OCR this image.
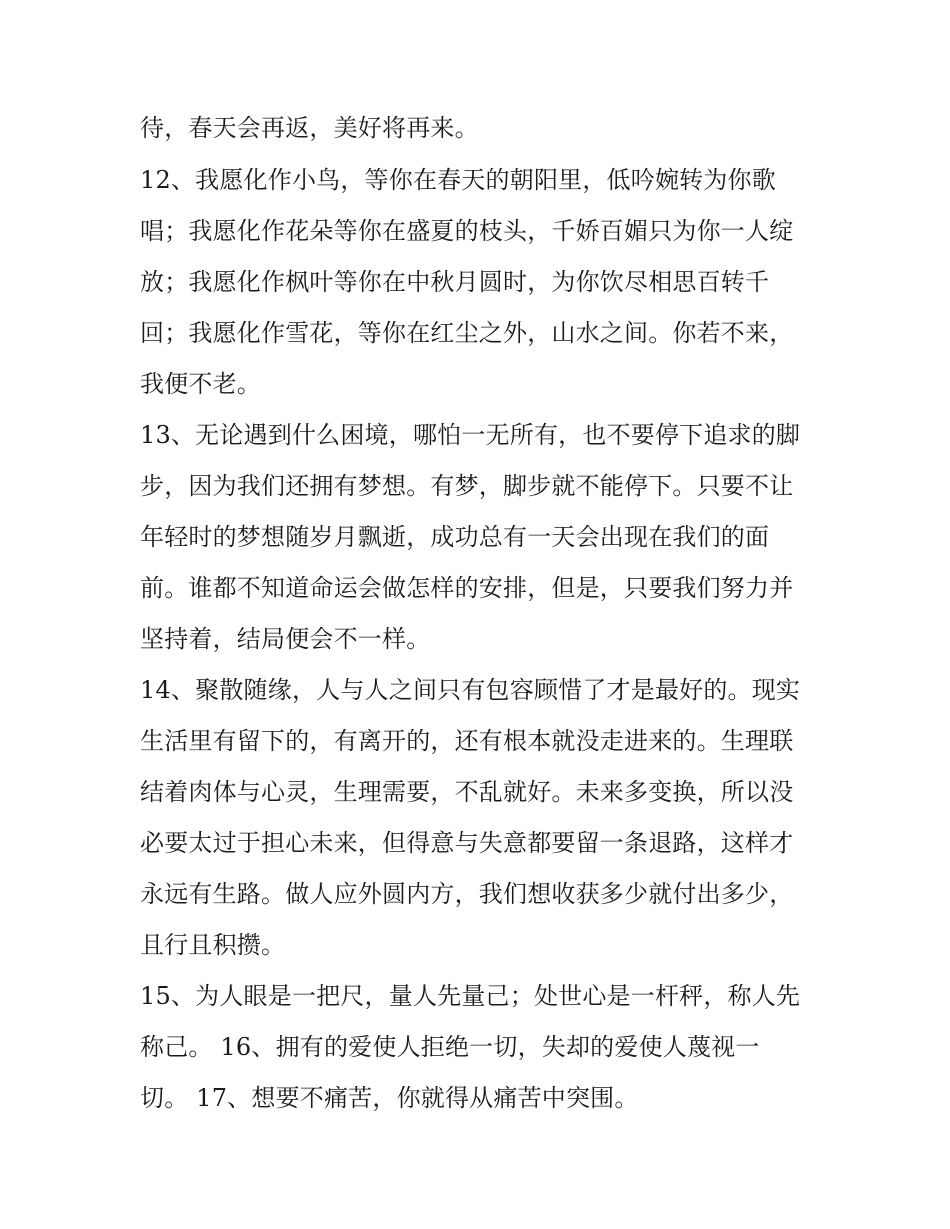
待，春天会再返，美好将再来。
12、我愿化作小鸟，等你在春天的朝阳里，低吟婉转为你歌
唱；我愿化作花朵等你在盛夏的枝头，千娇百媚只为你一人绽
放；我愿化作枫叶等你在中秋月圆时，为你饮尽相思百转千
回；我愿化作雪花，等你在红尘之外，山水之间。你若不来，
我便不老。
13、无论遇到什么困境，哪怕一无所有，也不要停下追求的脚
步，因为我们还拥有梦想。有梦，脚步就不能停下。只要不让
年轻时的梦想随岁月飘逝，成功总有一天会出现在我们的面
前。谁都不知道命运会做怎样的安排，但是，只要我们努力并
坚持着，结局便会不一样。
14、聚散随缘，人与人之间只有包容顾惜了才是最好的。现实
生活里有留下的，有离开的，还有根本就没走进来的。生理联
结着肉体与心灵，生理需要，不乱就好。未来多变换，所以没
必要太过于担心未来，但得意与失意都要留一条退路，这样才
永远有生路。做人应外圆内方，我们想收获多少就付出多少，
且行且积攒。
15、为人眼是一把尺，量人先量己；处世心是一杆秤，称人先
称己。 16、拥有的爱使人拒绝一切，失却的爱使人蔑视一
切。 17、想要不痛苦，你就得从痛苦中突围。
